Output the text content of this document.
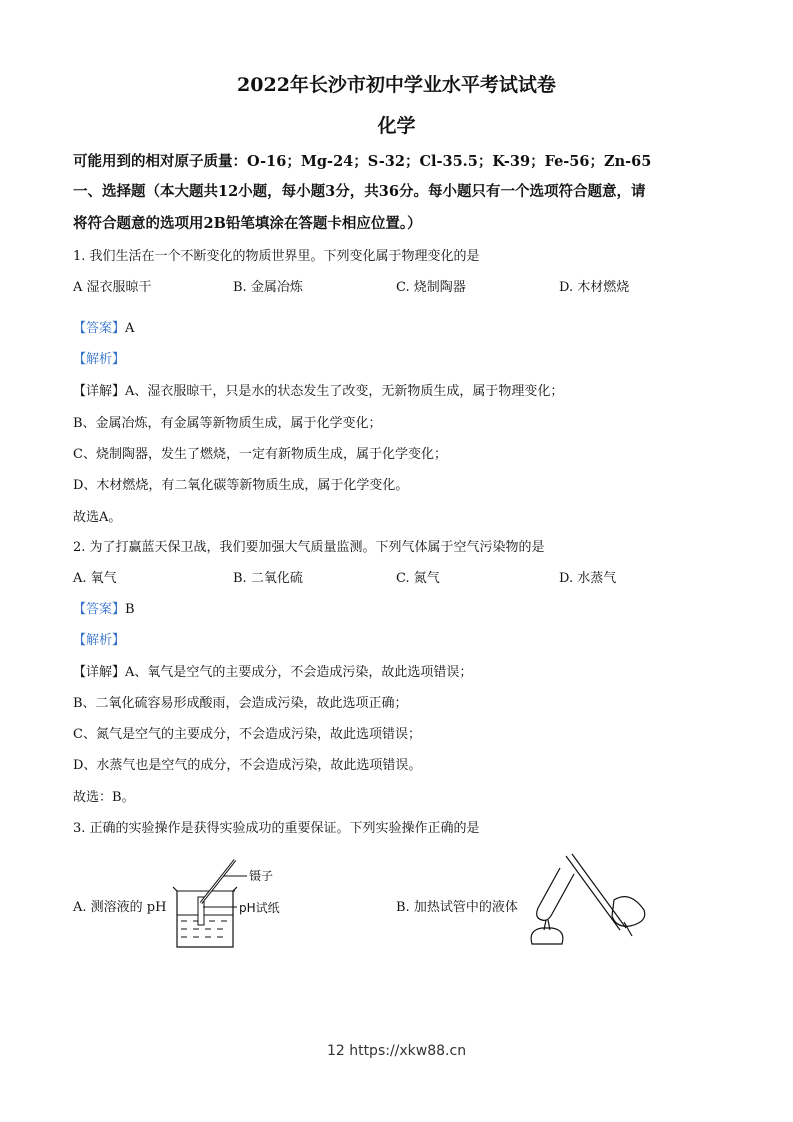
2022年长沙市初中学业水平考试试卷
化学
可能用到的相对原子质量：O-16；Mg-24；S-32；Cl-35.5；K-39；Fe-56；Zn-65
一、选择题（本大题共12小题，每小题3分，共36分。每小题只有一个选项符合题意，请
将符合题意的选项用2B铅笔填涂在答题卡相应位置。）
1. 我们生活在一个不断变化的物质世界里。下列变化属于物理变化的是
A 湿衣服晾干	B. 金属冶炼	C. 烧制陶器	D. 木材燃烧
【答案】A
【解析】
【详解】A、湿衣服晾干，只是水的状态发生了改变，无新物质生成，属于物理变化；
B、金属冶炼，有金属等新物质生成，属于化学变化；
C、烧制陶器，发生了燃烧，一定有新物质生成，属于化学变化；
D、木材燃烧，有二氧化碳等新物质生成，属于化学变化。
故选A。
2. 为了打赢蓝天保卫战，我们要加强大气质量监测。下列气体属于空气污染物的是
A. 氧气	B. 二氧化硫	C. 氮气	D. 水蒸气
【答案】B
【解析】
【详解】A、氧气是空气的主要成分，不会造成污染，故此选项错误；
B、二氧化硫容易形成酸雨，会造成污染，故此选项正确；
C、氮气是空气的主要成分，不会造成污染，故此选项错误；
D、水蒸气也是空气的成分，不会造成污染，故此选项错误。
故选：B。
3. 正确的实验操作是获得实验成功的重要保证。下列实验操作正确的是
A. 测溶液的 pH
镊子
pH试纸	B. 加热试管中的液体
12 https://xkw88.cn
